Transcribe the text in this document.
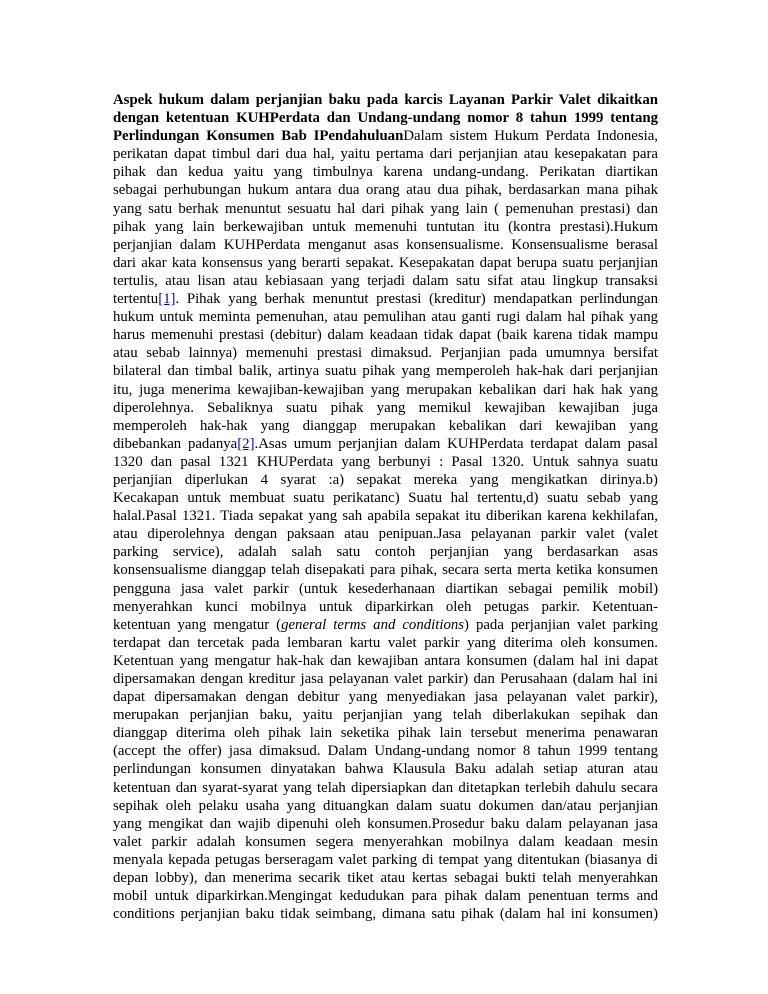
Aspek hukum dalam perjanjian baku pada karcis Layanan Parkir Valet dikaitkan
dengan ketentuan KUHPerdata dan Undang-undang nomor 8 tahun 1999 tentang
Perlindungan Konsumen Bab IPendahuluanDalam sistem Hukum Perdata Indonesia,
perikatan dapat timbul dari dua hal, yaitu pertama dari perjanjian atau kesepakatan para
pihak dan kedua yaitu yang timbulnya karena undang-undang. Perikatan diartikan
sebagai perhubungan hukum antara dua orang atau dua pihak, berdasarkan mana pihak
yang satu berhak menuntut sesuatu hal dari pihak yang lain ( pemenuhan prestasi) dan
pihak yang lain berkewajiban untuk memenuhi tuntutan itu (kontra prestasi).Hukum
perjanjian dalam KUHPerdata menganut asas konsensualisme. Konsensualisme berasal
dari akar kata konsensus yang berarti sepakat. Kesepakatan dapat berupa suatu perjanjian
tertulis, atau lisan atau kebiasaan yang terjadi dalam satu sifat atau lingkup transaksi
tertentu[1]. Pihak yang berhak menuntut prestasi (kreditur) mendapatkan perlindungan
hukum untuk meminta pemenuhan, atau pemulihan atau ganti rugi dalam hal pihak yang
harus memenuhi prestasi (debitur) dalam keadaan tidak dapat (baik karena tidak mampu
atau sebab lainnya) memenuhi prestasi dimaksud. Perjanjian pada umumnya bersifat
bilateral dan timbal balik, artinya suatu pihak yang memperoleh hak-hak dari perjanjian
itu, juga menerima kewajiban-kewajiban yang merupakan kebalikan dari hak hak yang
diperolehnya. Sebaliknya suatu pihak yang memikul kewajiban kewajiban juga
memperoleh hak-hak yang dianggap merupakan kebalikan dari kewajiban yang
dibebankan padanya[2].Asas umum perjanjian dalam KUHPerdata terdapat dalam pasal
1320 dan pasal 1321 KHUPerdata yang berbunyi : Pasal 1320. Untuk sahnya suatu
perjanjian diperlukan 4 syarat :a) sepakat mereka yang mengikatkan dirinya.b)
Kecakapan untuk membuat suatu perikatanc) Suatu hal tertentu,d) suatu sebab yang
halal.Pasal 1321. Tiada sepakat yang sah apabila sepakat itu diberikan karena kekhilafan,
atau diperolehnya dengan paksaan atau penipuan.Jasa pelayanan parkir valet (valet
parking service), adalah salah satu contoh perjanjian yang berdasarkan asas
konsensualisme dianggap telah disepakati para pihak, secara serta merta ketika konsumen
pengguna jasa valet parkir (untuk kesederhanaan diartikan sebagai pemilik mobil)
menyerahkan kunci mobilnya untuk diparkirkan oleh petugas parkir. Ketentuan-
ketentuan yang mengatur (general terms and conditions) pada perjanjian valet parking
terdapat dan tercetak pada lembaran kartu valet parkir yang diterima oleh konsumen.
Ketentuan yang mengatur hak-hak dan kewajiban antara konsumen (dalam hal ini dapat
dipersamakan dengan kreditur jasa pelayanan valet parkir) dan Perusahaan (dalam hal ini
dapat dipersamakan dengan debitur yang menyediakan jasa pelayanan valet parkir),
merupakan perjanjian baku, yaitu perjanjian yang telah diberlakukan sepihak dan
dianggap diterima oleh pihak lain seketika pihak lain tersebut menerima penawaran
(accept the offer) jasa dimaksud. Dalam Undang-undang nomor 8 tahun 1999 tentang
perlindungan konsumen dinyatakan bahwa Klausula Baku adalah setiap aturan atau
ketentuan dan syarat-syarat yang telah dipersiapkan dan ditetapkan terlebih dahulu secara
sepihak oleh pelaku usaha yang dituangkan dalam suatu dokumen dan/atau perjanjian
yang mengikat dan wajib dipenuhi oleh konsumen.Prosedur baku dalam pelayanan jasa
valet parkir adalah konsumen segera menyerahkan mobilnya dalam keadaan mesin
menyala kepada petugas berseragam valet parking di tempat yang ditentukan (biasanya di
depan lobby), dan menerima secarik tiket atau kertas sebagai bukti telah menyerahkan
mobil untuk diparkirkan.Mengingat kedudukan para pihak dalam penentuan terms and
conditions perjanjian baku tidak seimbang, dimana satu pihak (dalam hal ini konsumen)
